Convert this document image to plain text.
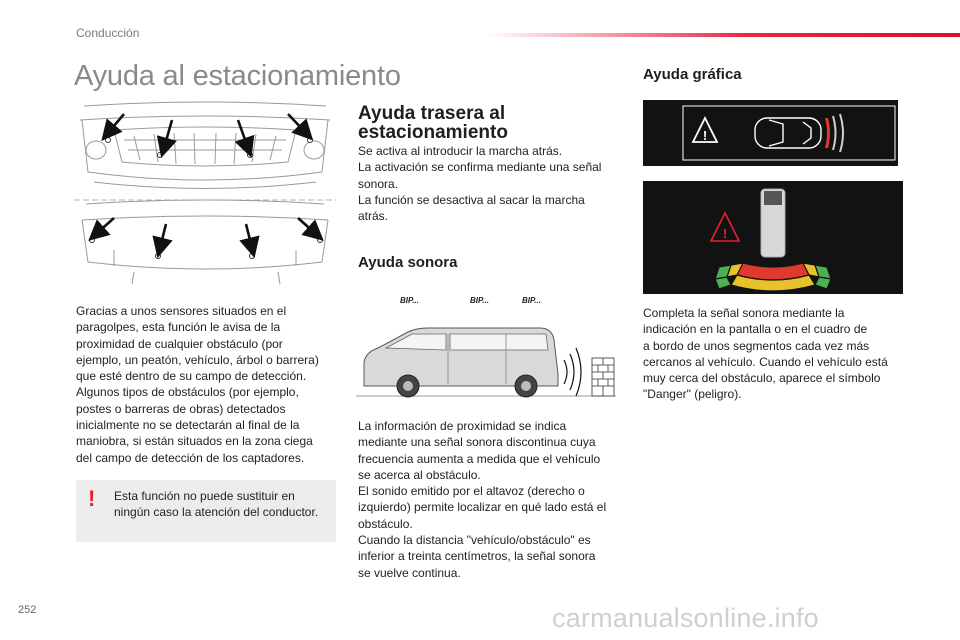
Conducción
Ayuda al estacionamiento
Gracias a unos sensores situados en el
paragolpes, esta función le avisa de la
proximidad de cualquier obstáculo (por
ejemplo, un peatón, vehículo, árbol o barrera)
que esté dentro de su campo de detección.
Algunos tipos de obstáculos (por ejemplo,
postes o barreras de obras) detectados
inicialmente no se detectarán al final de la
maniobra, si están situados en la zona ciega
del campo de detección de los captadores.
! Esta función no puede sustituir en
ningún caso la atención del conductor.
Ayuda trasera al
estacionamiento
Se activa al introducir la marcha atrás.
La activación se confirma mediante una señal
sonora.
La función se desactiva al sacar la marcha
atrás.
Ayuda sonora
BIP...	BIP...	BIP...
La información de proximidad se indica
mediante una señal sonora discontinua cuya
frecuencia aumenta a medida que el vehículo
se acerca al obstáculo.
El sonido emitido por el altavoz (derecho o
izquierdo) permite localizar en qué lado está el
obstáculo.
Cuando la distancia "vehículo/obstáculo" es
inferior a treinta centímetros, la señal sonora
se vuelve continua.
Ayuda gráfica
!
!
Completa la señal sonora mediante la
indicación en la pantalla o en el cuadro de
a bordo de unos segmentos cada vez más
cercanos al vehículo. Cuando el vehículo está
muy cerca del obstáculo, aparece el símbolo
"Danger" (peligro).
252	carmanualsonline.info
